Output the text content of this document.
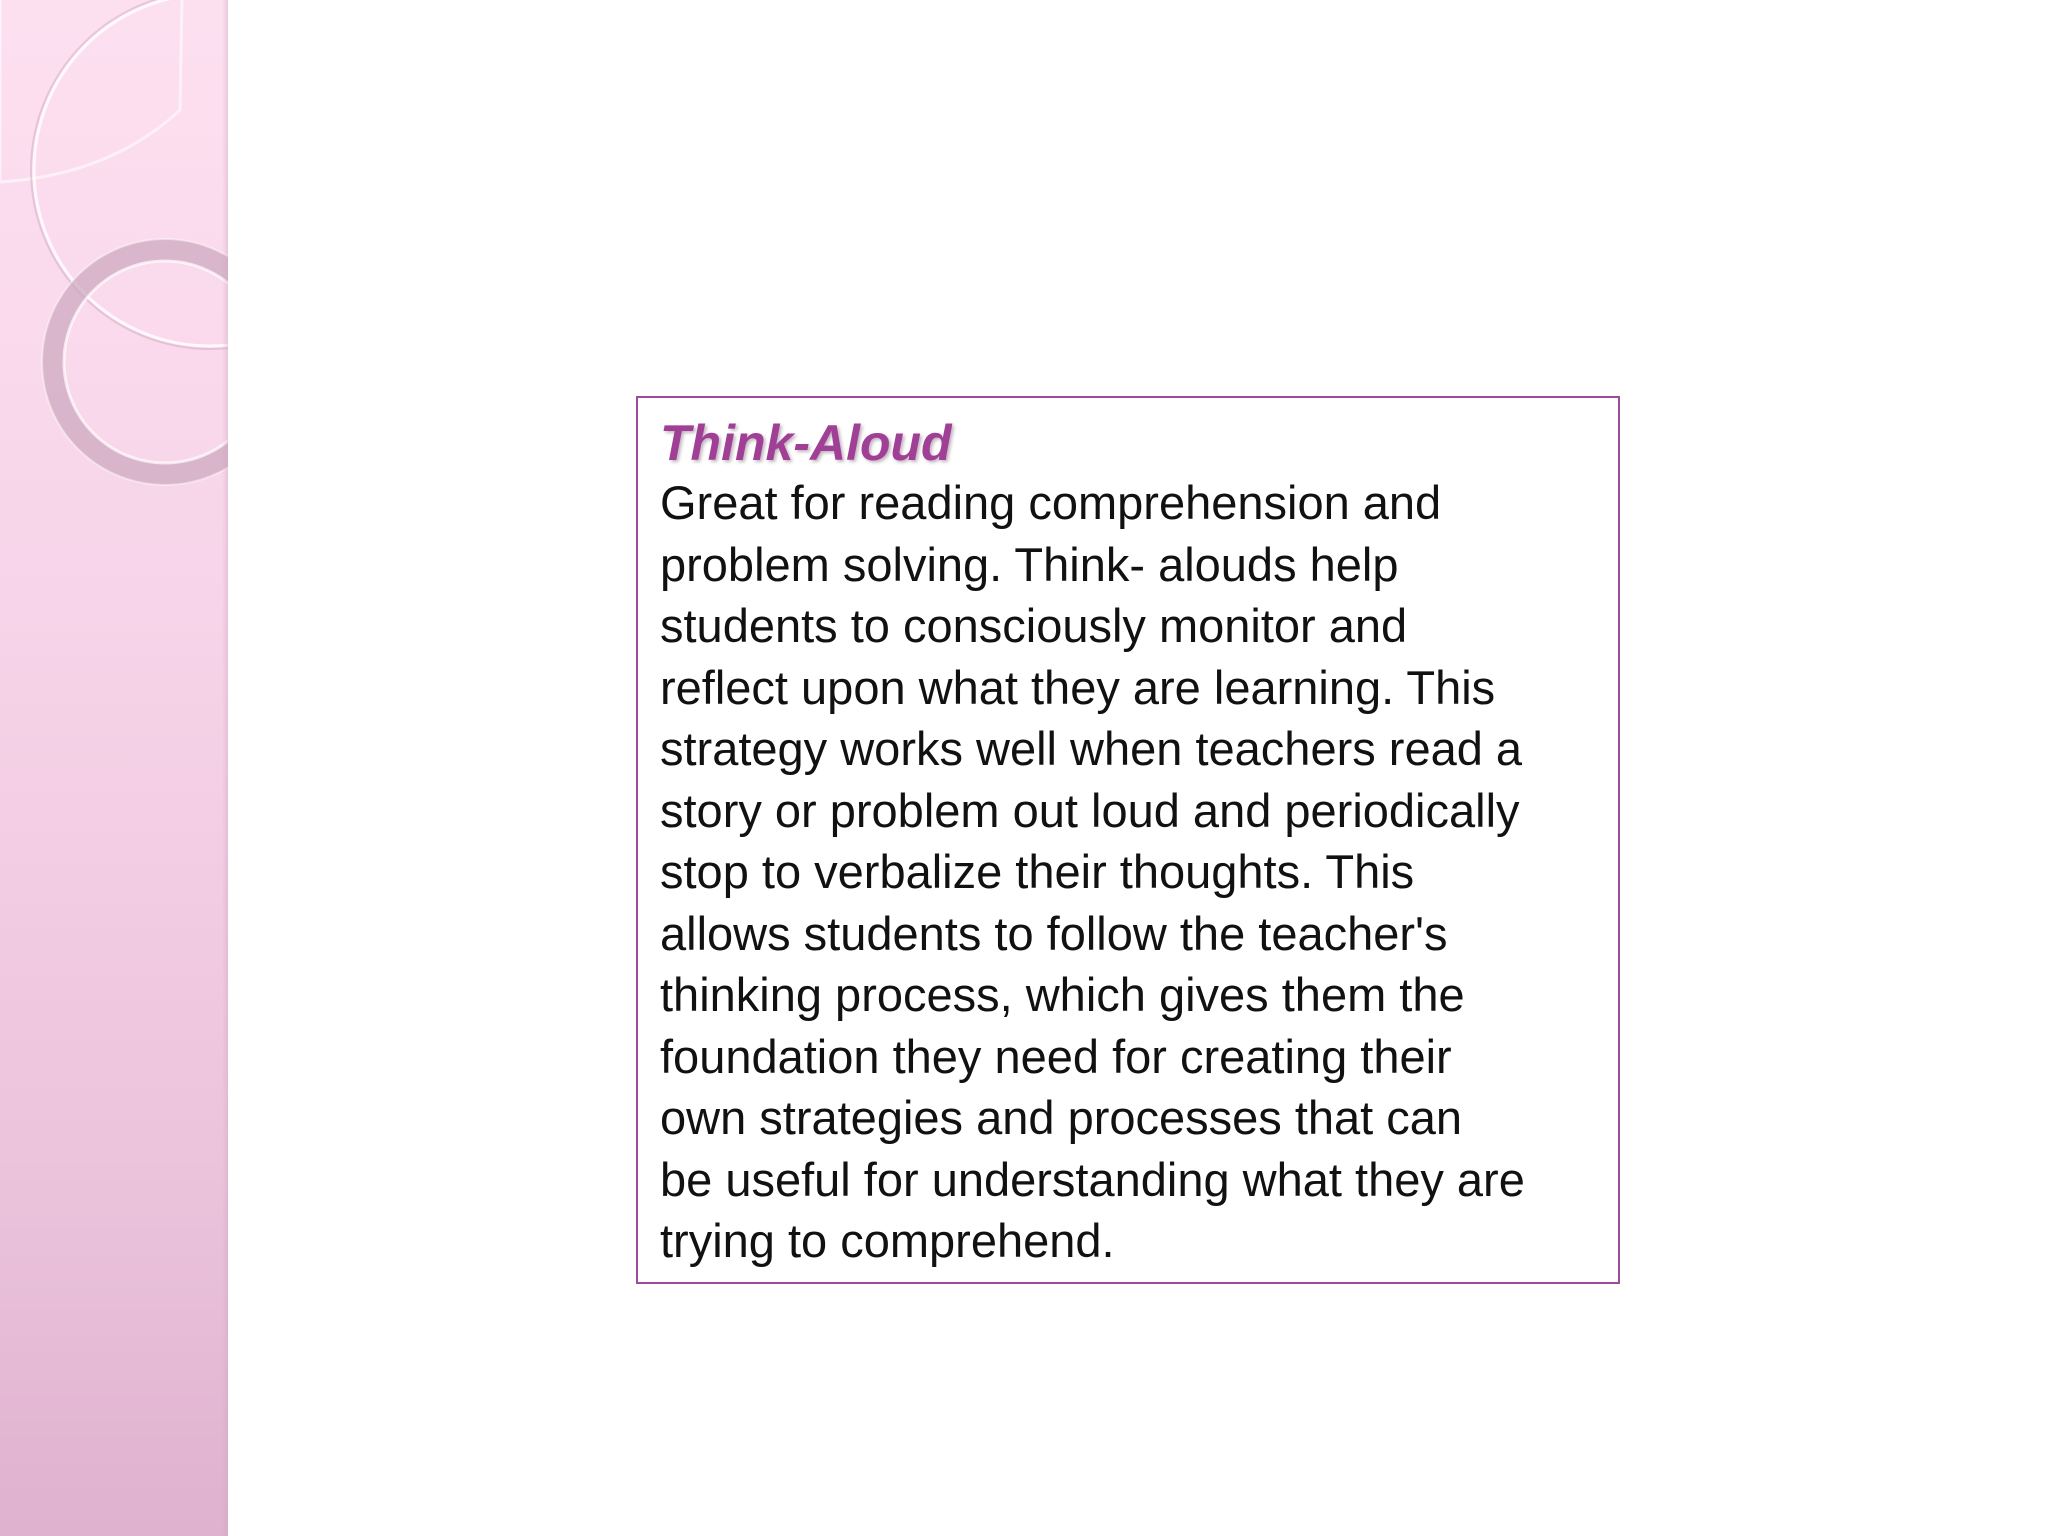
Think-Aloud
Great for reading comprehension and
problem solving. Think- alouds help
students to consciously monitor and
reflect upon what they are learning. This
strategy works well when teachers read a
story or problem out loud and periodically
stop to verbalize their thoughts. This
allows students to follow the teacher's
thinking process, which gives them the
foundation they need for creating their
own strategies and processes that can
be useful for understanding what they are
trying to comprehend.
